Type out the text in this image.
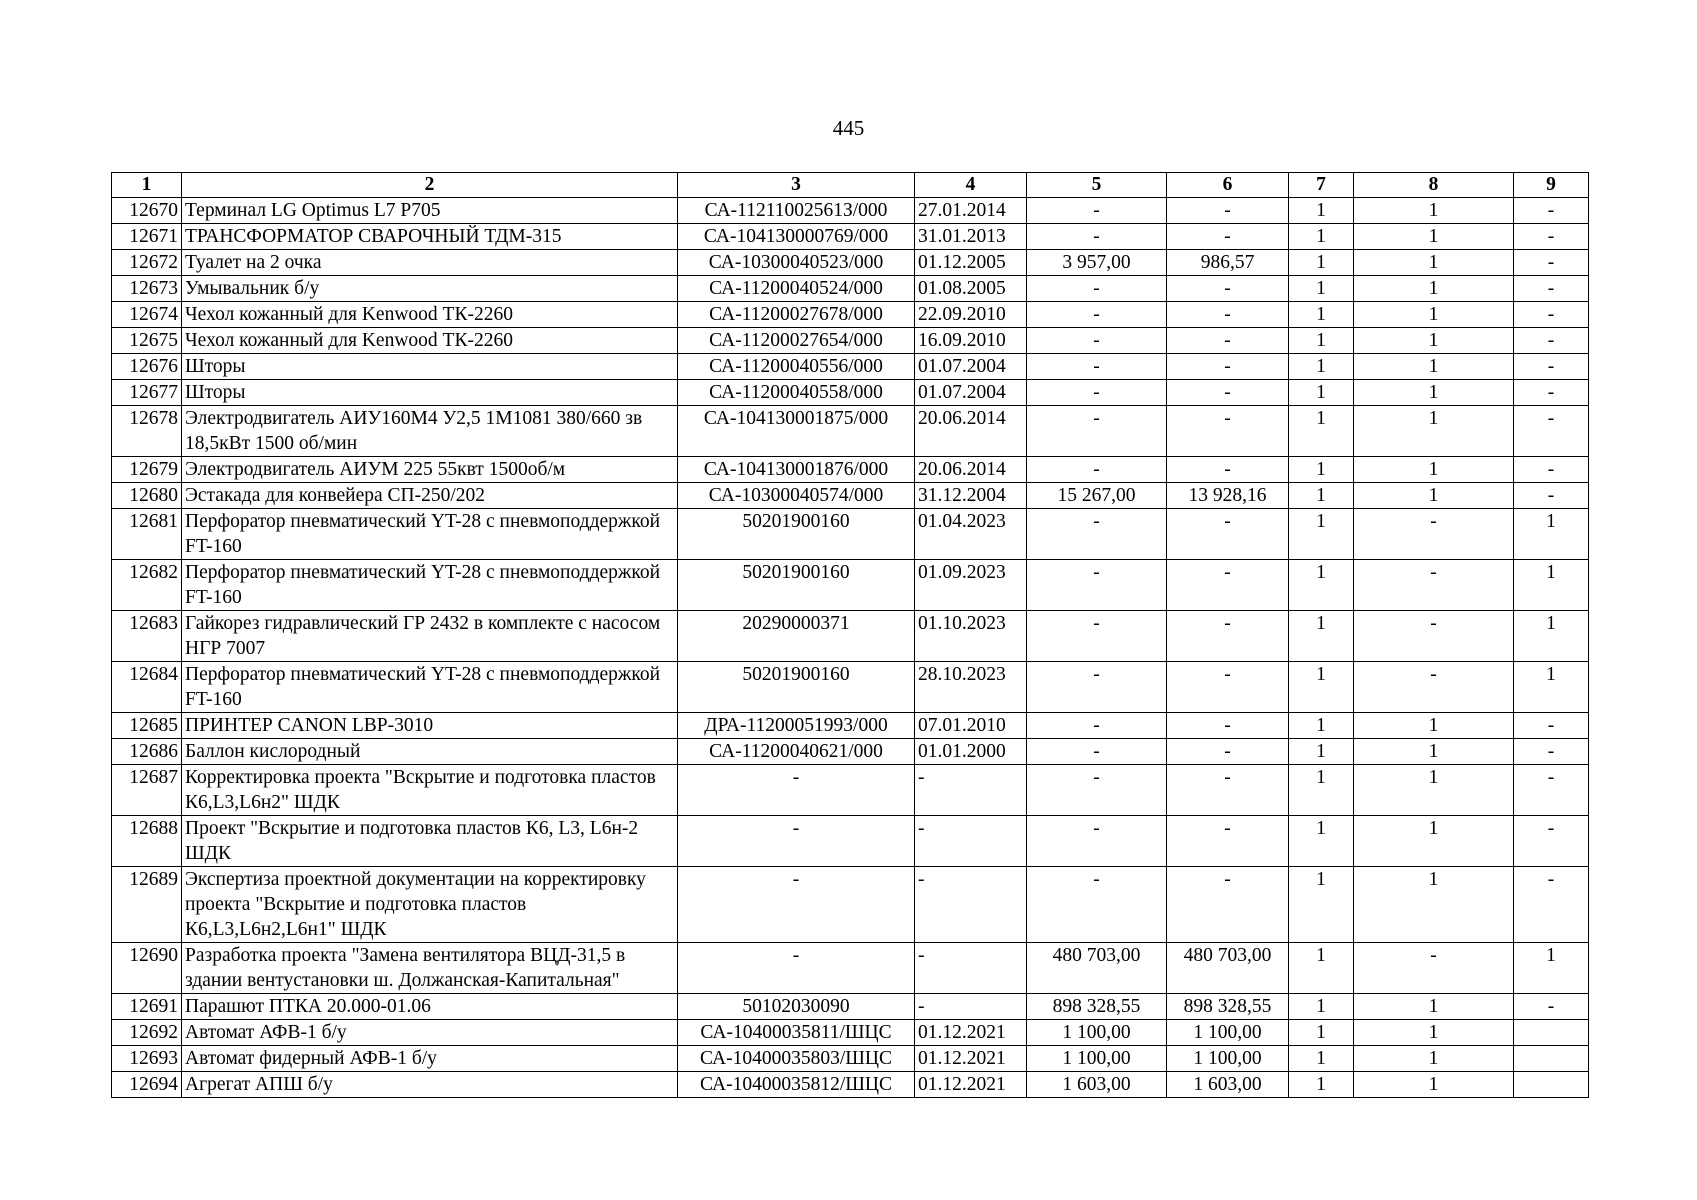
445
1	2	3	4	5	6	7	8	9
12670	Терминал LG Optimus L7 P705	СА-11211002561З/000	27.01.2014	-	-	1	1	-
12671	ТРАНСФОРМАТОР СВАРОЧНЫЙ ТДМ-315	СА-104130000769/000	31.01.2013	-	-	1	1	-
12672	Туалет на 2 очка	СА-10300040523/000	01.12.2005	3 957,00	986,57	1	1	-
12673	Умывальник б/у	СА-11200040524/000	01.08.2005	-	-	1	1	-
12674	Чехол кожанный для Kenwood ТК-2260	СА-11200027678/000	22.09.2010	-	-	1	1	-
12675	Чехол кожанный для Kenwood ТК-2260	СА-11200027654/000	16.09.2010	-	-	1	1	-
12676	Шторы	СА-11200040556/000	01.07.2004	-	-	1	1	-
12677	Шторы	СА-11200040558/000	01.07.2004	-	-	1	1	-
12678	Электродвигатель АИУ160М4 У2,5 1М1081 380/660 зв 18,5кВт 1500 об/мин	СА-104130001875/000	20.06.2014	-	-	1	1	-
12679	Электродвигатель АИУМ 225 55квт 1500об/м	СА-104130001876/000	20.06.2014	-	-	1	1	-
12680	Эстакада для конвейера СП-250/202	СА-10300040574/000	31.12.2004	15 267,00	13 928,16	1	1	-
12681	Перфоратор пневматический YT-28 с пневмоподдержкой FT-160	50201900160	01.04.2023	-	-	1	-	1
12682	Перфоратор пневматический YT-28 с пневмоподдержкой FT-160	50201900160	01.09.2023	-	-	1	-	1
12683	Гайкорез гидравлический ГР 2432 в комплекте с насосом НГР 7007	20290000371	01.10.2023	-	-	1	-	1
12684	Перфоратор пневматический YT-28 с пневмоподдержкой FT-160	50201900160	28.10.2023	-	-	1	-	1
12685	ПРИНТЕР CANON LBP-3010	ДРА-11200051993/000	07.01.2010	-	-	1	1	-
12686	Баллон кислородный	СА-11200040621/000	01.01.2000	-	-	1	1	-
12687	Корректировка проекта "Вскрытие и подготовка пластов К6,L3,L6н2" ШДК	-	-	-	-	1	1	-
12688	Проект "Вскрытие и подготовка пластов К6, L3, L6н-2 ШДК	-	-	-	-	1	1	-
12689	Экспертиза проектной документации на корректировку проекта "Вскрытие и подготовка пластов К6,L3,L6н2,L6н1" ШДК	-	-	-	-	1	1	-
12690	Разработка проекта "Замена вентилятора ВЦД-31,5 в здании вентустановки ш. Должанская-Капитальная"	-	-	480 703,00	480 703,00	1	-	1
12691	Парашют ПТКА 20.000-01.06	50102030090	-	898 328,55	898 328,55	1	1	-
12692	Автомат АФВ-1 б/у	СА-10400035811/ШЦС	01.12.2021	1 100,00	1 100,00	1	1	
12693	Автомат фидерный АФВ-1 б/у	СА-10400035803/ШЦС	01.12.2021	1 100,00	1 100,00	1	1	
12694	Агрегат АПШ б/у	СА-10400035812/ШЦС	01.12.2021	1 603,00	1 603,00	1	1	
